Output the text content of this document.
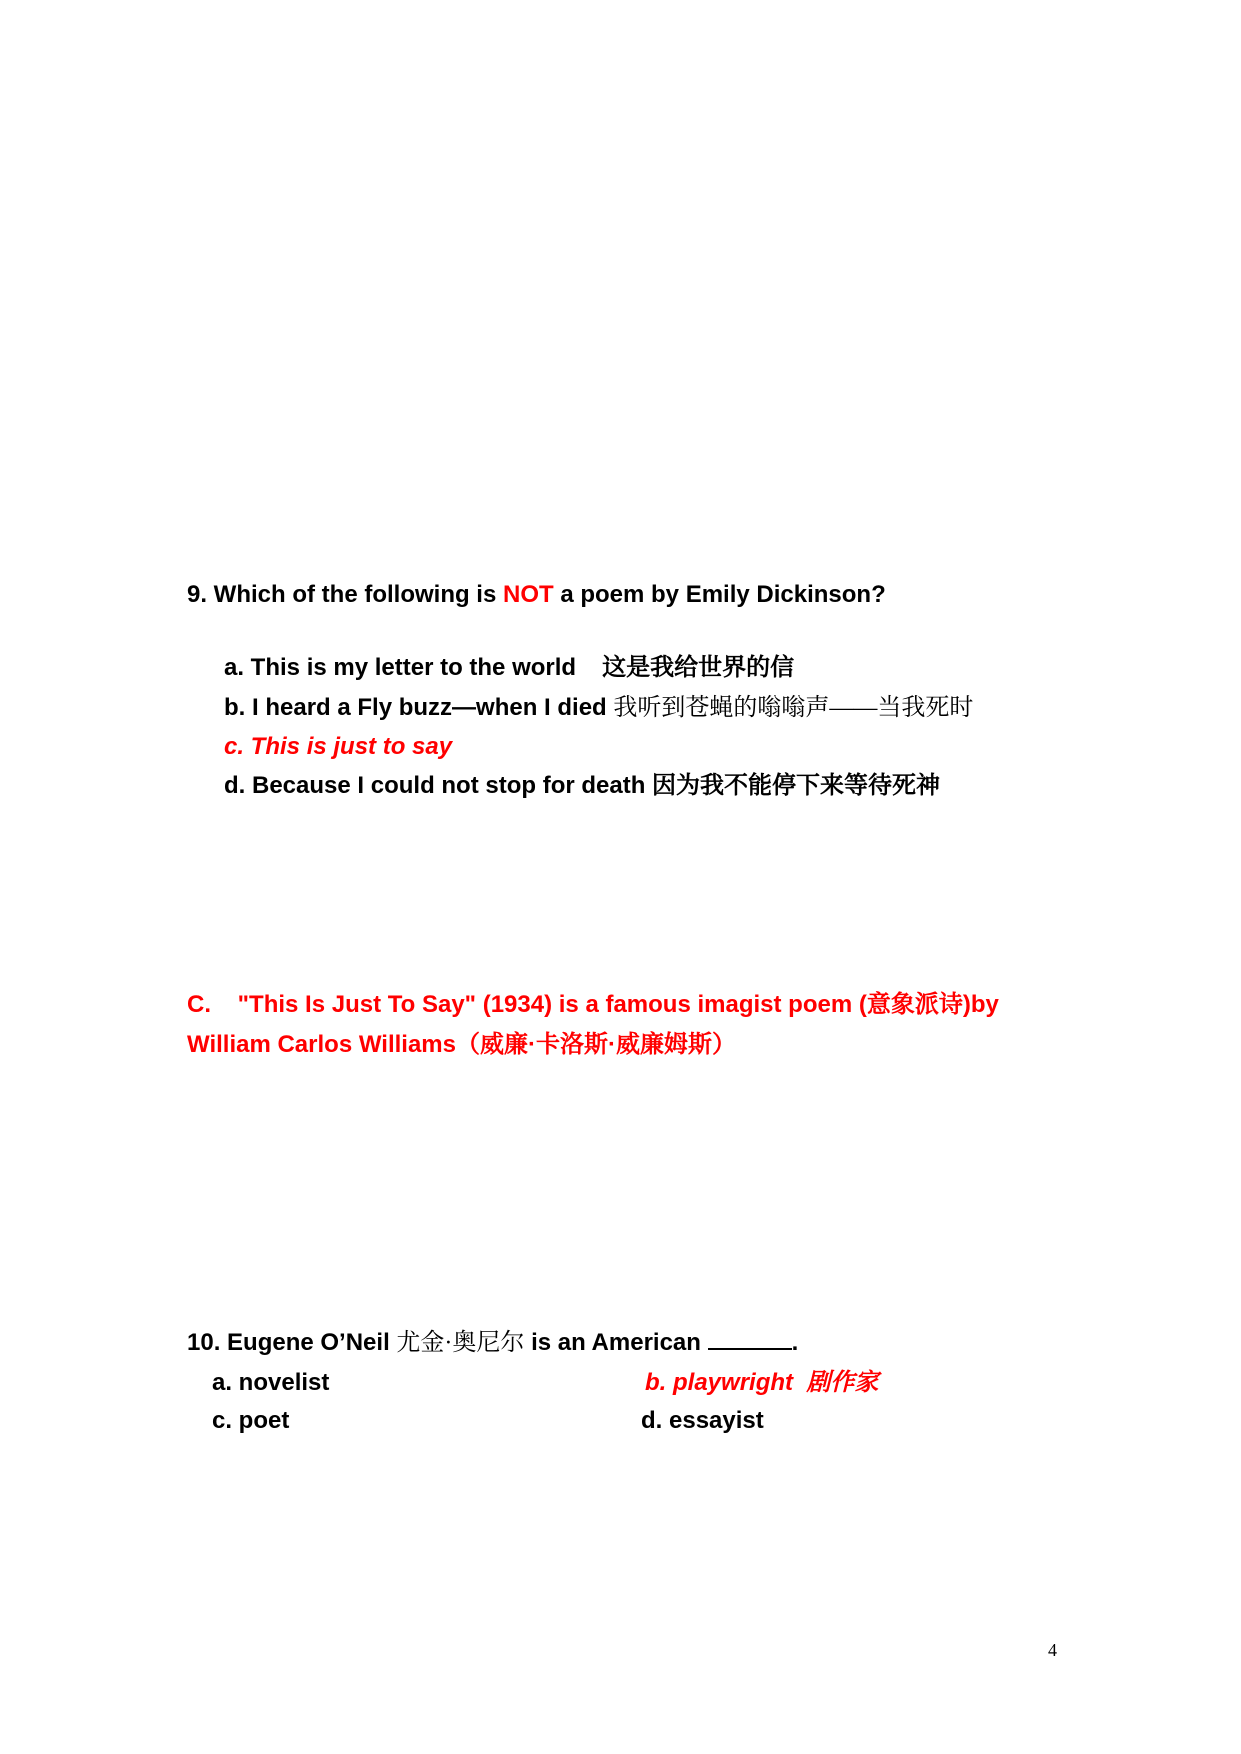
9. Which of the following is NOT a poem by Emily Dickinson?
a. This is my letter to the world 这是我给世界的信
b. I heard a Fly buzz—when I died 我听到苍蝇的嗡嗡声——当我死时
c. This is just to say
d. Because I could not stop for death 因为我不能停下来等待死神
C.    "This Is Just To Say" (1934) is a famous imagist poem (意象派诗)by
William Carlos Williams（威廉·卡洛斯·威廉姆斯）
10. Eugene O’Neil 尤金·奥尼尔 is an American	.
a. novelist	b. playwright  剧作家
c. poet	d. essayist
4
